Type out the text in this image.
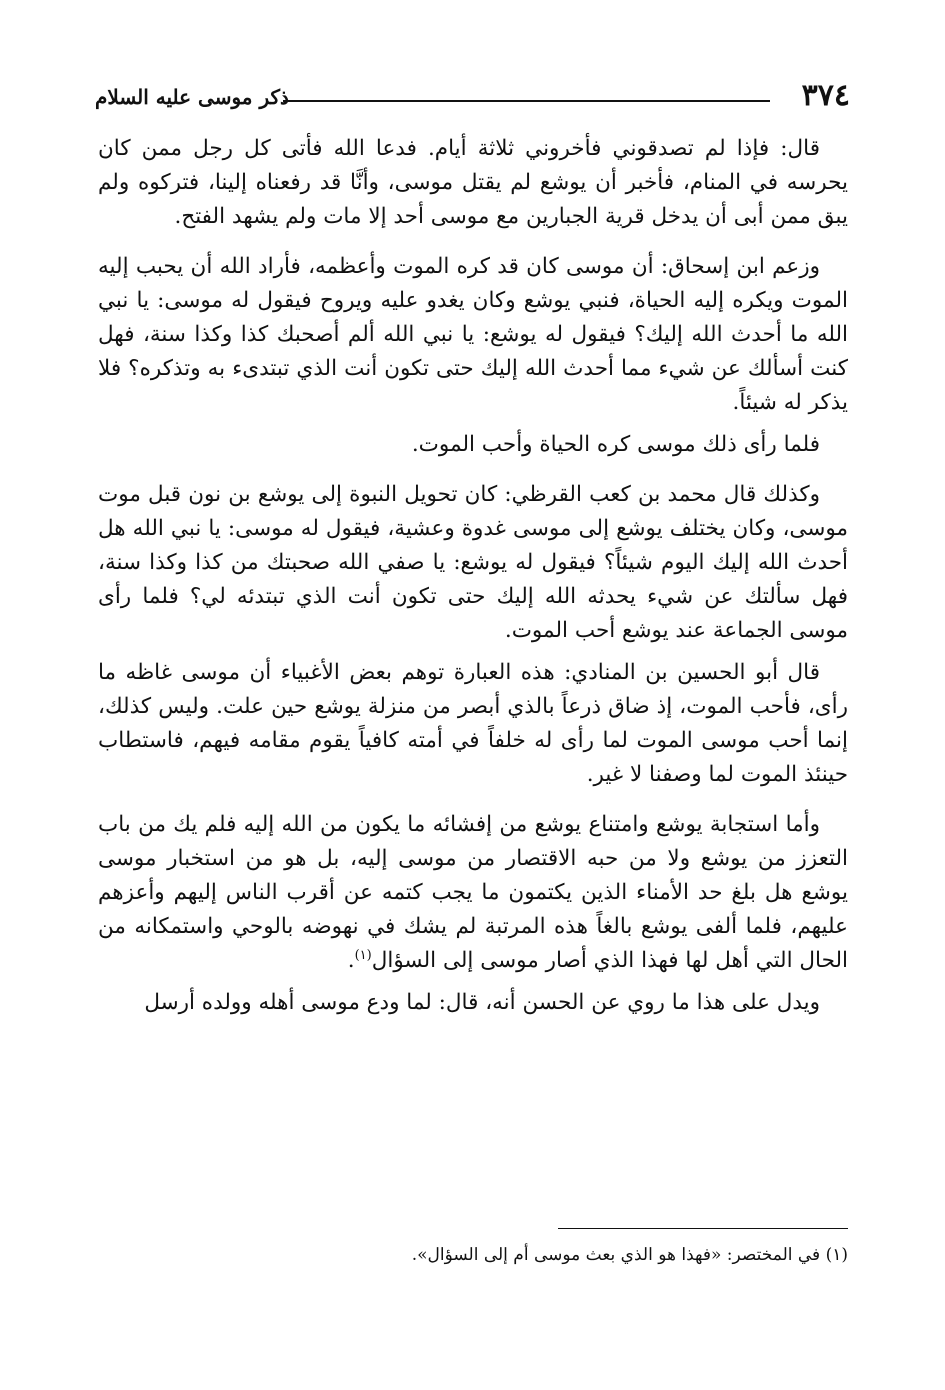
٣٧٤
ذكر موسى عليه السلام

قال: فإذا لم تصدقوني فأخروني ثلاثة أيام. فدعا الله فأتى كل رجل ممن كان يحرسه في المنام، فأخبر أن يوشع لم يقتل موسى، وأنَّا قد رفعناه إلينا، فتركوه ولم يبق ممن أبى أن يدخل قرية الجبارين مع موسى أحد إلا مات ولم يشهد الفتح.

وزعم ابن إسحاق: أن موسى كان قد كره الموت وأعظمه، فأراد الله أن يحبب إليه الموت ويكره إليه الحياة، فنبي يوشع وكان يغدو عليه ويروح فيقول له موسى: يا نبي الله ما أحدث الله إليك؟ فيقول له يوشع: يا نبي الله ألم أصحبك كذا وكذا سنة، فهل كنت أسألك عن شيء مما أحدث الله إليك حتى تكون أنت الذي تبتدىء به وتذكره؟ فلا يذكر له شيئاً.

فلما رأى ذلك موسى كره الحياة وأحب الموت.

وكذلك قال محمد بن كعب القرظي: كان تحويل النبوة إلى يوشع بن نون قبل موت موسى، وكان يختلف يوشع إلى موسى غدوة وعشية، فيقول له موسى: يا نبي الله هل أحدث الله إليك اليوم شيئاً؟ فيقول له يوشع: يا صفي الله صحبتك من كذا وكذا سنة، فهل سألتك عن شيء يحدثه الله إليك حتى تكون أنت الذي تبتدئه لي؟ فلما رأى موسى الجماعة عند يوشع أحب الموت.

قال أبو الحسين بن المنادي: هذه العبارة توهم بعض الأغبياء أن موسى غاظه ما رأى، فأحب الموت، إذ ضاق ذرعاً بالذي أبصر من منزلة يوشع حين علت. وليس كذلك، إنما أحب موسى الموت لما رأى له خلفاً في أمته كافياً يقوم مقامه فيهم، فاستطاب حينئذ الموت لما وصفنا لا غير.

وأما استجابة يوشع وامتناع يوشع من إفشائه ما يكون من الله إليه فلم يك من باب التعزز من يوشع ولا من حبه الاقتصار من موسى إليه، بل هو من استخبار موسى يوشع هل بلغ حد الأمناء الذين يكتمون ما يجب كتمه عن أقرب الناس إليهم وأعزهم عليهم، فلما ألفى يوشع بالغاً هذه المرتبة لم يشك في نهوضه بالوحي واستمكانه من الحال التي أهل لها فهذا الذي أصار موسى إلى السؤال$^{(١)}$.

ويدل على هذا ما روي عن الحسن أنه، قال: لما ودع موسى أهله وولده أرسل

(١) في المختصر: «فهذا هو الذي بعث موسى أم إلى السؤال».
